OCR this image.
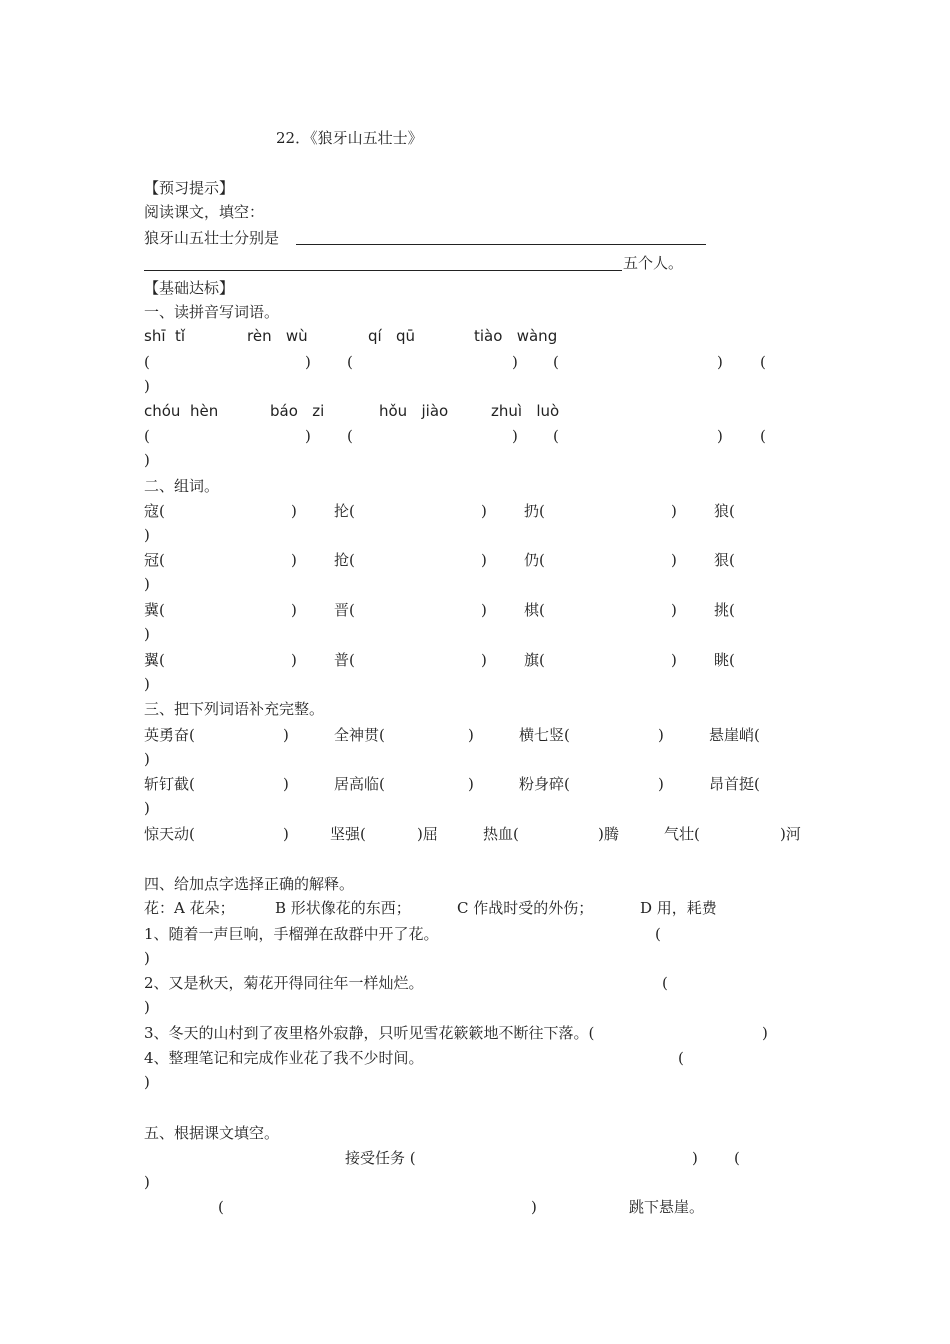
22．《狼牙山五壮士》
【预习提示】
阅读课文，填空：
狼牙山五壮士分别是
五个人。
【基础达标】
一、读拼音写词语。
shī  tǐ	rèn   wù	qí   qū	tiào   wàng
(	) (	) (	) (
)
chóu  hèn	báo   zi	hǒu   jiào	zhuì   luò
(	) (	) (	) (
)
二、组词。
寇(	) 抡(	) 扔(	) 狼(
)
冠(	) 抢(	) 仍(	) 狠(
)
冀(	) 晋(	) 棋(	) 挑(
)
翼(	) 普(	) 旗(	) 眺(
)
三、把下列词语补充完整。
英勇奋(	)	全神贯(	)	横七竖(	)	悬崖峭(
)
斩钉截(	)	居高临(	)	粉身碎(	)	昂首挺(
)
惊天动(	)	坚强(	)屈	热血(	)腾	气壮(	)河
四、给加点字选择正确的解释。
花：A 花朵；	B 形状像花的东西；	C 作战时受的外伤；	D 用，耗费
1、随着一声巨响，手榴弹在敌群中开了花。	(
)
2、又是秋天，菊花开得同往年一样灿烂。	(
)
3、冬天的山村到了夜里格外寂静，只听见雪花簌簌地不断往下落。(	)
4、整理笔记和完成作业花了我不少时间。	(
)
五、根据课文填空。
接受任务 (	) (
)
(	)	跳下悬崖。
